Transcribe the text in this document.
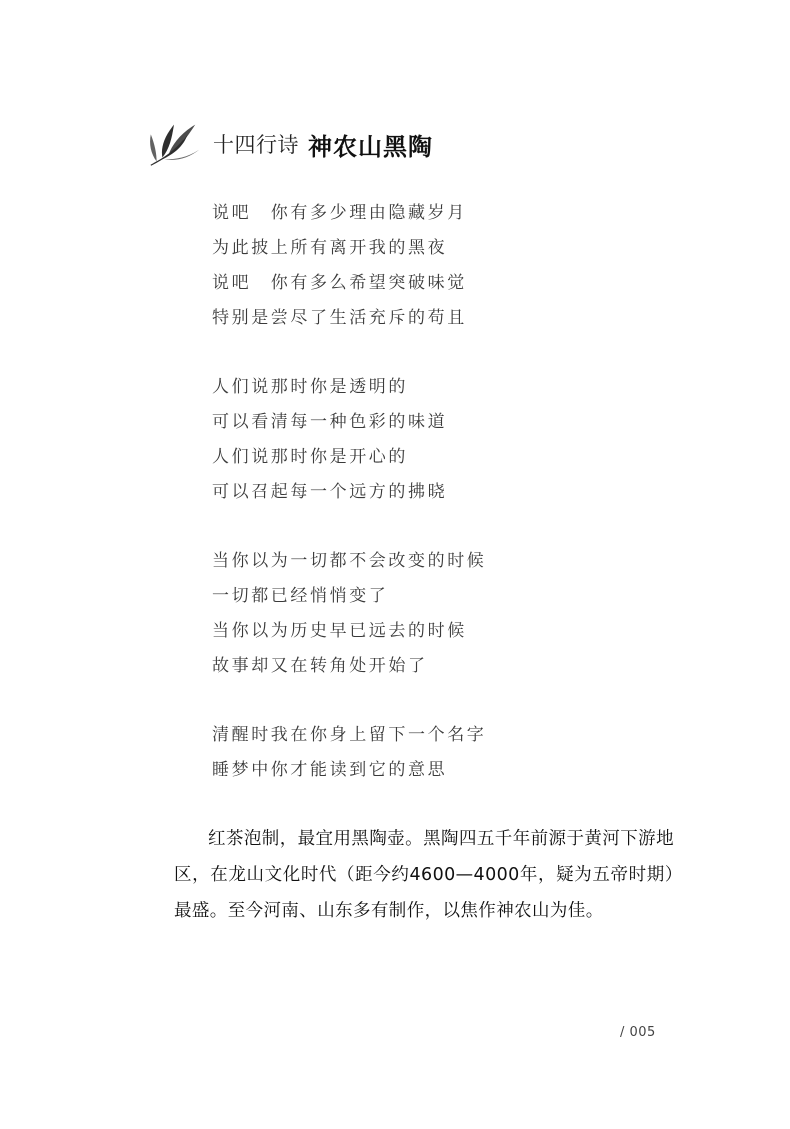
十四行诗 神农山黑陶
说吧　你有多少理由隐藏岁月
为此披上所有离开我的黑夜
说吧　你有多么希望突破味觉
特别是尝尽了生活充斥的苟且
人们说那时你是透明的
可以看清每一种色彩的味道
人们说那时你是开心的
可以召起每一个远方的拂晓
当你以为一切都不会改变的时候
一切都已经悄悄变了
当你以为历史早已远去的时候
故事却又在转角处开始了
清醒时我在你身上留下一个名字
睡梦中你才能读到它的意思

红茶泡制，最宜用黑陶壶。黑陶四五千年前源于黄河下游地区，在龙山文化时代（距今约4600—4000年，疑为五帝时期）最盛。至今河南、山东多有制作，以焦作神农山为佳。

/ 005
